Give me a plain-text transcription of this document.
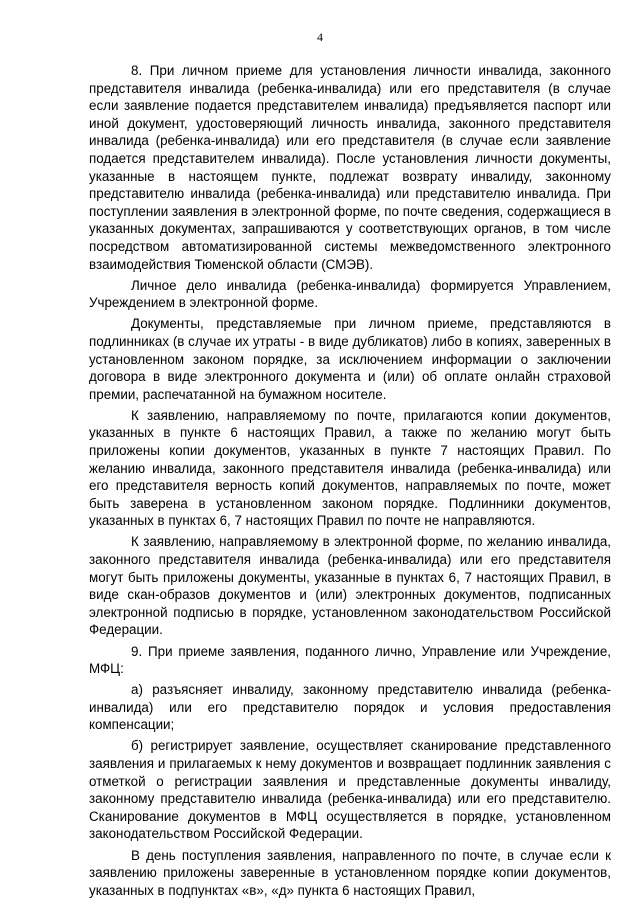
4

8. При личном приеме для установления личности инвалида, законного представителя инвалида (ребенка-инвалида) или его представителя (в случае если заявление подается представителем инвалида) предъявляется паспорт или иной документ, удостоверяющий личность инвалида, законного представителя инвалида (ребенка-инвалида) или его представителя (в случае если заявление подается представителем инвалида). После установления личности документы, указанные в настоящем пункте, подлежат возврату инвалиду, законному представителю инвалида (ребенка-инвалида) или представителю инвалида. При поступлении заявления в электронной форме, по почте сведения, содержащиеся в указанных документах, запрашиваются у соответствующих органов, в том числе посредством автоматизированной системы межведомственного электронного взаимодействия Тюменской области (СМЭВ).

Личное дело инвалида (ребенка-инвалида) формируется Управлением, Учреждением в электронной форме.

Документы, представляемые при личном приеме, представляются в подлинниках (в случае их утраты - в виде дубликатов) либо в копиях, заверенных в установленном законом порядке, за исключением информации о заключении договора в виде электронного документа и (или) об оплате онлайн страховой премии, распечатанной на бумажном носителе.

К заявлению, направляемому по почте, прилагаются копии документов, указанных в пункте 6 настоящих Правил, а также по желанию могут быть приложены копии документов, указанных в пункте 7 настоящих Правил. По желанию инвалида, законного представителя инвалида (ребенка-инвалида) или его представителя верность копий документов, направляемых по почте, может быть заверена в установленном законом порядке. Подлинники документов, указанных в пунктах 6, 7 настоящих Правил по почте не направляются.

К заявлению, направляемому в электронной форме, по желанию инвалида, законного представителя инвалида (ребенка-инвалида) или его представителя могут быть приложены документы, указанные в пунктах 6, 7 настоящих Правил, в виде скан-образов документов и (или) электронных документов, подписанных электронной подписью в порядке, установленном законодательством Российской Федерации.

9. При приеме заявления, поданного лично, Управление или Учреждение, МФЦ:

а) разъясняет инвалиду, законному представителю инвалида (ребенка-инвалида) или его представителю порядок и условия предоставления компенсации;

б) регистрирует заявление, осуществляет сканирование представленного заявления и прилагаемых к нему документов и возвращает подлинник заявления с отметкой о регистрации заявления и представленные документы инвалиду, законному представителю инвалида (ребенка-инвалида) или его представителю. Сканирование документов в МФЦ осуществляется в порядке, установленном законодательством Российской Федерации.

В день поступления заявления, направленного по почте, в случае если к заявлению приложены заверенные в установленном порядке копии документов, указанных в подпунктах «в», «д» пункта 6 настоящих Правил,
